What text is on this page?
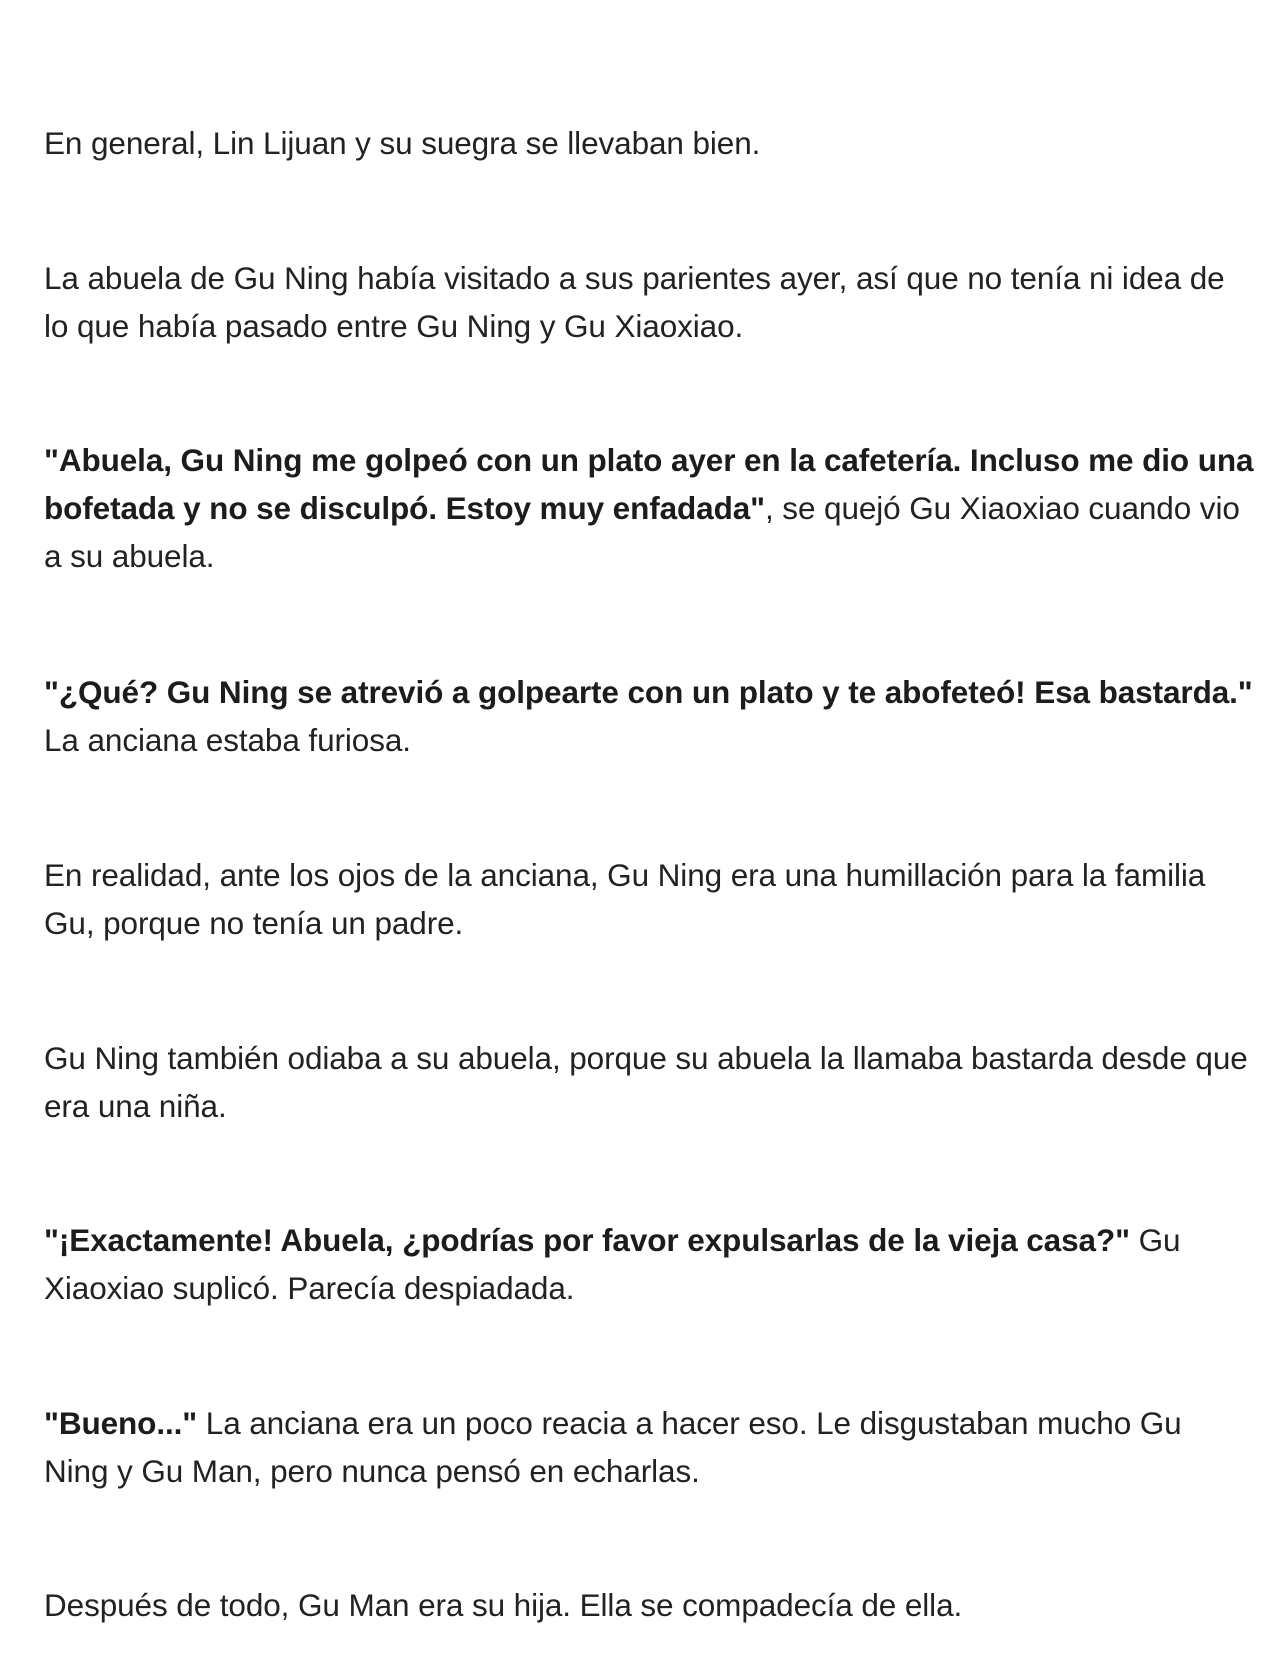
En general, Lin Lijuan y su suegra se llevaban bien.

La abuela de Gu Ning había visitado a sus parientes ayer, así que no tenía ni idea de lo que había pasado entre Gu Ning y Gu Xiaoxiao.

"Abuela, Gu Ning me golpeó con un plato ayer en la cafetería. Incluso me dio una bofetada y no se disculpó. Estoy muy enfadada", se quejó Gu Xiaoxiao cuando vio a su abuela.

"¿Qué? Gu Ning se atrevió a golpearte con un plato y te abofeteó! Esa bastarda." La anciana estaba furiosa.

En realidad, ante los ojos de la anciana, Gu Ning era una humillación para la familia Gu, porque no tenía un padre.

Gu Ning también odiaba a su abuela, porque su abuela la llamaba bastarda desde que era una niña.

"¡Exactamente! Abuela, ¿podrías por favor expulsarlas de la vieja casa?" Gu Xiaoxiao suplicó. Parecía despiadada.

"Bueno..." La anciana era un poco reacia a hacer eso. Le disgustaban mucho Gu Ning y Gu Man, pero nunca pensó en echarlas.

Después de todo, Gu Man era su hija. Ella se compadecía de ella.
